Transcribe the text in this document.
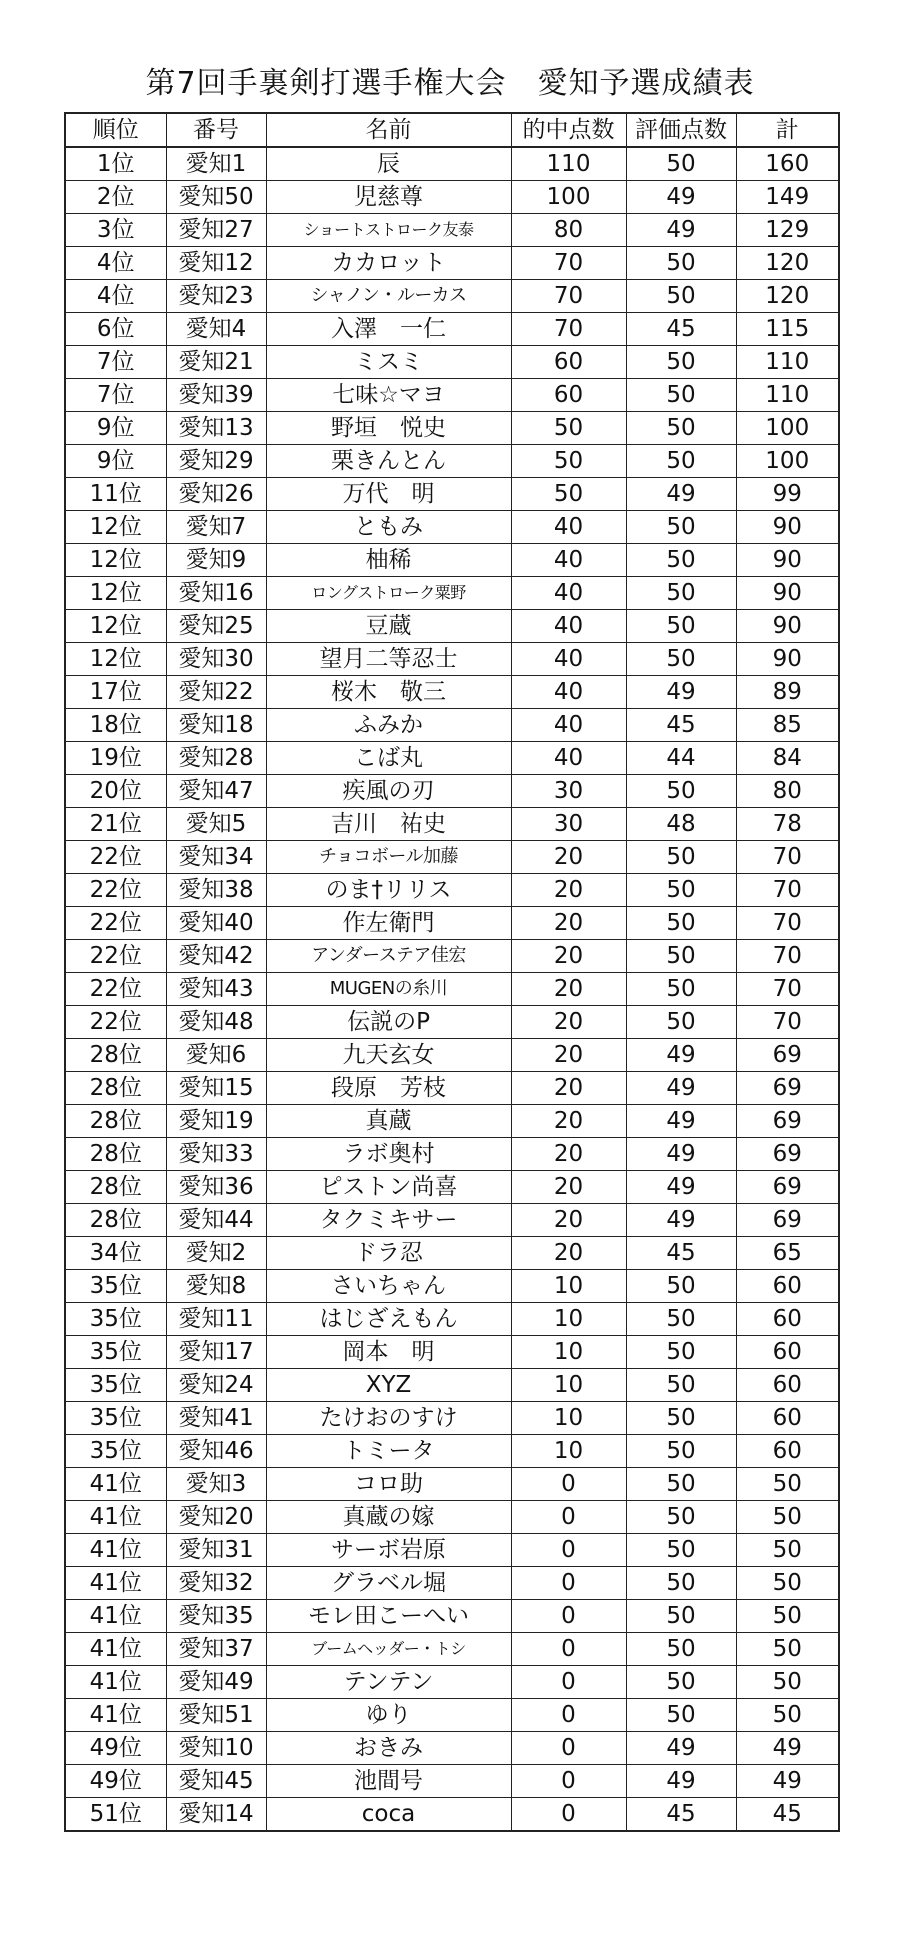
第7回手裏剣打選手権大会　愛知予選成績表
順位	番号	名前	的中点数	評価点数	計
1位	愛知1	辰	110	50	160
2位	愛知50	児慈尊	100	49	149
3位	愛知27	ショートストローク友泰	80	49	129
4位	愛知12	カカロット	70	50	120
4位	愛知23	シャノン・ルーカス	70	50	120
6位	愛知4	入澤　一仁	70	45	115
7位	愛知21	ミスミ	60	50	110
7位	愛知39	七味☆マヨ	60	50	110
9位	愛知13	野垣　悦史	50	50	100
9位	愛知29	栗きんとん	50	50	100
11位	愛知26	万代　明	50	49	99
12位	愛知7	ともみ	40	50	90
12位	愛知9	柚稀	40	50	90
12位	愛知16	ロングストローク粟野	40	50	90
12位	愛知25	豆蔵	40	50	90
12位	愛知30	望月二等忍士	40	50	90
17位	愛知22	桜木　敬三	40	49	89
18位	愛知18	ふみか	40	45	85
19位	愛知28	こば丸	40	44	84
20位	愛知47	疾風の刃	30	50	80
21位	愛知5	吉川　祐史	30	48	78
22位	愛知34	チョコボール加藤	20	50	70
22位	愛知38	のま†リリス	20	50	70
22位	愛知40	作左衛門	20	50	70
22位	愛知42	アンダーステア佳宏	20	50	70
22位	愛知43	MUGENの糸川	20	50	70
22位	愛知48	伝説のP	20	50	70
28位	愛知6	九天玄女	20	49	69
28位	愛知15	段原　芳枝	20	49	69
28位	愛知19	真蔵	20	49	69
28位	愛知33	ラボ奥村	20	49	69
28位	愛知36	ピストン尚喜	20	49	69
28位	愛知44	タクミキサー	20	49	69
34位	愛知2	ドラ忍	20	45	65
35位	愛知8	さいちゃん	10	50	60
35位	愛知11	はじざえもん	10	50	60
35位	愛知17	岡本　明	10	50	60
35位	愛知24	XYZ	10	50	60
35位	愛知41	たけおのすけ	10	50	60
35位	愛知46	トミータ	10	50	60
41位	愛知3	コロ助	0	50	50
41位	愛知20	真蔵の嫁	0	50	50
41位	愛知31	サーボ岩原	0	50	50
41位	愛知32	グラベル堀	0	50	50
41位	愛知35	モレ田こーへい	0	50	50
41位	愛知37	ブームヘッダー・トシ	0	50	50
41位	愛知49	テンテン	0	50	50
41位	愛知51	ゆり	0	50	50
49位	愛知10	おきみ	0	49	49
49位	愛知45	池間号	0	49	49
51位	愛知14	coca	0	45	45
